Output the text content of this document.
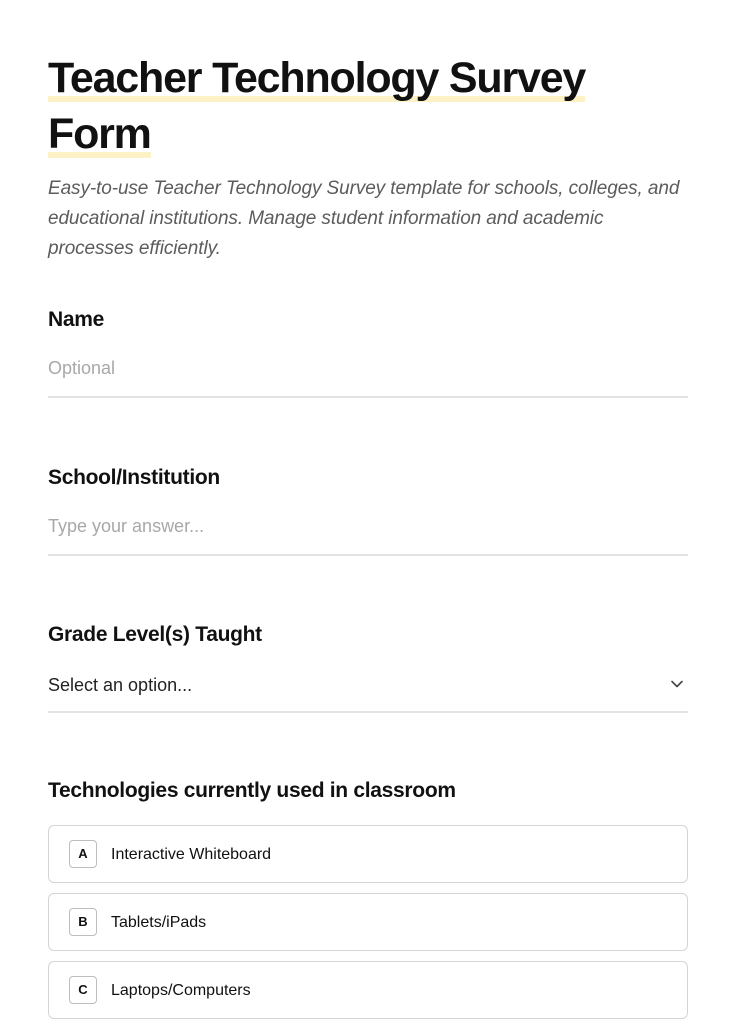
Teacher Technology Survey
Form

Easy-to-use Teacher Technology Survey template for schools, colleges, and educational institutions. Manage student information and academic processes efficiently.

Name
Optional
School/Institution
Type your answer...
Grade Level(s) Taught
Select an option...
Technologies currently used in classroom
A	Interactive Whiteboard
B	Tablets/iPads
C	Laptops/Computers
